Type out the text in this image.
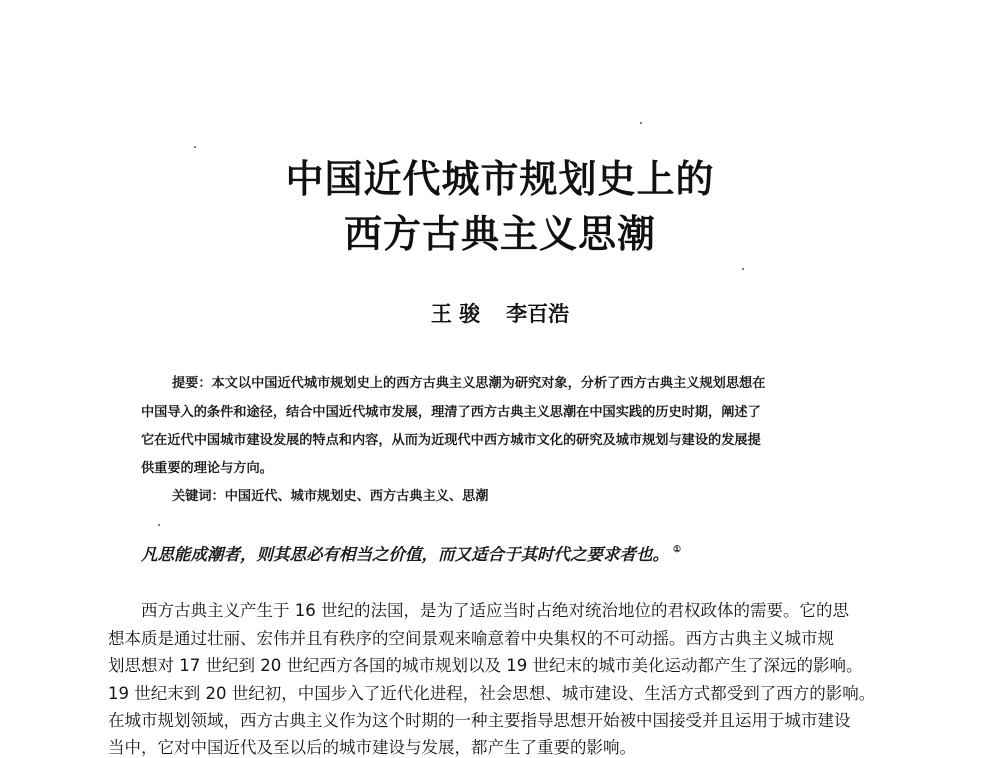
中国近代城市规划史上的
西方古典主义思潮
王 骏 李百浩
提要：本文以中国近代城市规划史上的西方古典主义思潮为研究对象，分析了西方古典主义规划思想在
中国导入的条件和途径，结合中国近代城市发展，理清了西方古典主义思潮在中国实践的历史时期，阐述了
它在近代中国城市建设发展的特点和内容，从而为近现代中西方城市文化的研究及城市规划与建设的发展提
供重要的理论与方向。
关键词：中国近代、城市规划史、西方古典主义、思潮
凡思能成潮者，则其思必有相当之价值，而又适合于其时代之要求者也。 ①
西方古典主义产生于 16 世纪的法国，是为了适应当时占绝对统治地位的君权政体的需要。它的思
想本质是通过壮丽、宏伟并且有秩序的空间景观来喻意着中央集权的不可动摇。西方古典主义城市规
划思想对 17 世纪到 20 世纪西方各国的城市规划以及 19 世纪末的城市美化运动都产生了深远的影响。
19 世纪末到 20 世纪初，中国步入了近代化进程，社会思想、城市建设、生活方式都受到了西方的影响。
在城市规划领域，西方古典主义作为这个时期的一种主要指导思想开始被中国接受并且运用于城市建设
当中，它对中国近代及至以后的城市建设与发展，都产生了重要的影响。
